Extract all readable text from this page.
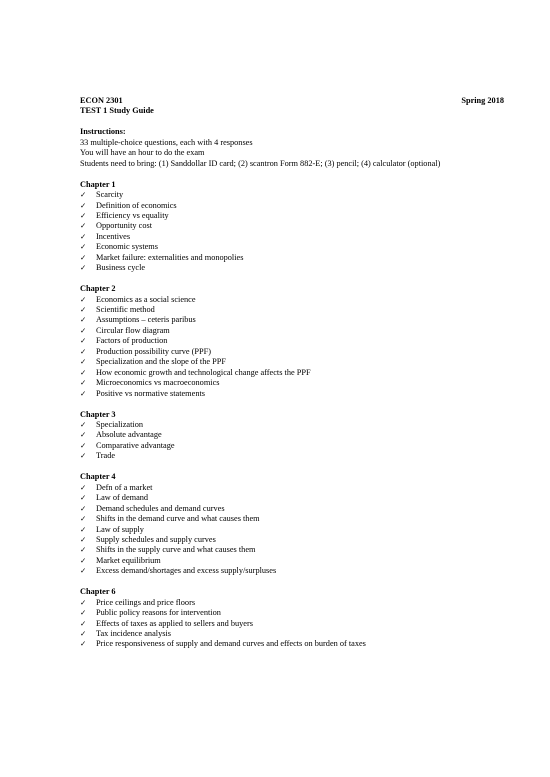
ECON 2301	Spring 2018
TEST 1 Study Guide
Instructions:
33 multiple-choice questions, each with 4 responses
You will have an hour to do the exam
Students need to bring: (1) Sanddollar ID card; (2) scantron Form 882-E; (3) pencil; (4) calculator (optional)
Chapter 1
✓ Scarcity
✓ Definition of economics
✓ Efficiency vs equality
✓ Opportunity cost
✓ Incentives
✓ Economic systems
✓ Market failure: externalities and monopolies
✓ Business cycle
Chapter 2
✓ Economics as a social science
✓ Scientific method
✓ Assumptions – ceteris paribus
✓ Circular flow diagram
✓ Factors of production
✓ Production possibility curve (PPF)
✓ Specialization and the slope of the PPF
✓ How economic growth and technological change affects the PPF
✓ Microeconomics vs macroeconomics
✓ Positive vs normative statements
Chapter 3
✓ Specialization
✓ Absolute advantage
✓ Comparative advantage
✓ Trade
Chapter 4
✓ Defn of a market
✓ Law of demand
✓ Demand schedules and demand curves
✓ Shifts in the demand curve and what causes them
✓ Law of supply
✓ Supply schedules and supply curves
✓ Shifts in the supply curve and what causes them
✓ Market equilibrium
✓ Excess demand/shortages and excess supply/surpluses
Chapter 6
✓ Price ceilings and price floors
✓ Public policy reasons for intervention
✓ Effects of taxes as applied to sellers and buyers
✓ Tax incidence analysis
✓ Price responsiveness of supply and demand curves and effects on burden of taxes
